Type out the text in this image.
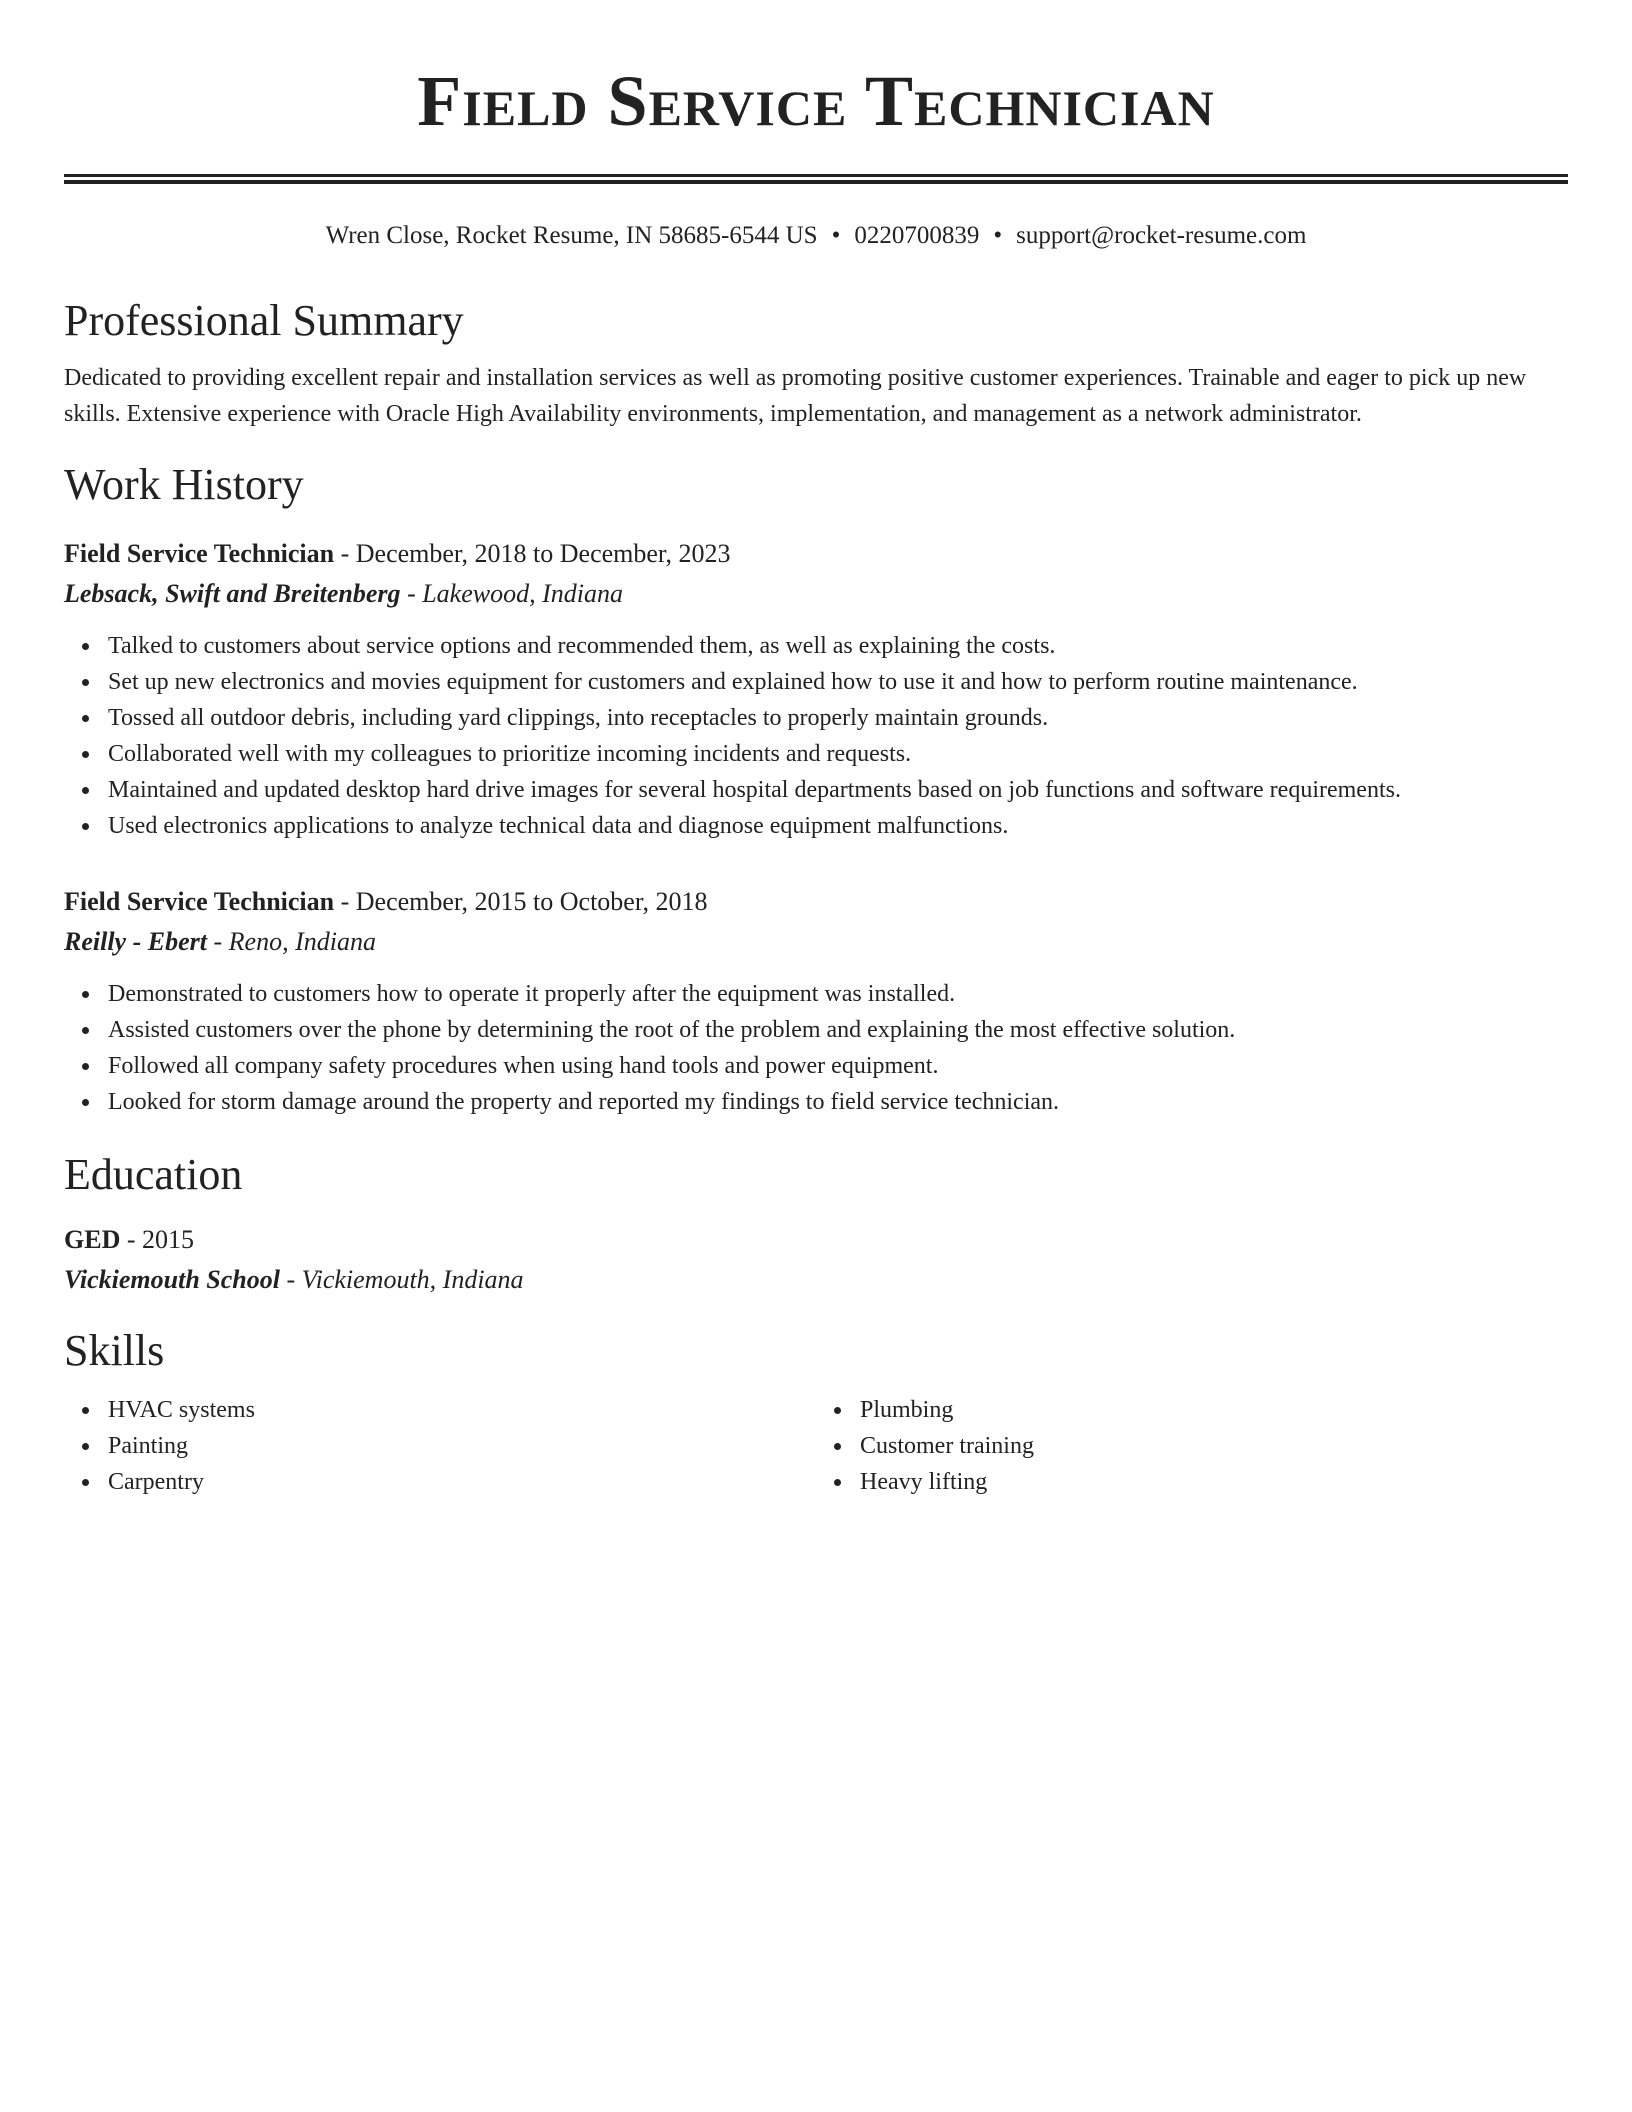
Field Service Technician
Wren Close, Rocket Resume, IN 58685-6544 US • 0220700839 • support@rocket-resume.com
Professional Summary

Dedicated to providing excellent repair and installation services as well as promoting positive customer experiences. Trainable and eager to pick up new skills. Extensive experience with Oracle High Availability environments, implementation, and management as a network administrator.

Work History
Field Service Technician - December, 2018 to December, 2023
Lebsack, Swift and Breitenberg - Lakewood, Indiana
Talked to customers about service options and recommended them, as well as explaining the costs.
Set up new electronics and movies equipment for customers and explained how to use it and how to perform routine maintenance.
Tossed all outdoor debris, including yard clippings, into receptacles to properly maintain grounds.
Collaborated well with my colleagues to prioritize incoming incidents and requests.
Maintained and updated desktop hard drive images for several hospital departments based on job functions and software requirements.
Used electronics applications to analyze technical data and diagnose equipment malfunctions.
Field Service Technician - December, 2015 to October, 2018
Reilly - Ebert - Reno, Indiana
Demonstrated to customers how to operate it properly after the equipment was installed.
Assisted customers over the phone by determining the root of the problem and explaining the most effective solution.
Followed all company safety procedures when using hand tools and power equipment.
Looked for storm damage around the property and reported my findings to field service technician.
Education
GED - 2015
Vickiemouth School - Vickiemouth, Indiana
Skills
HVAC systems
Painting
Carpentry
Plumbing
Customer training
Heavy lifting
